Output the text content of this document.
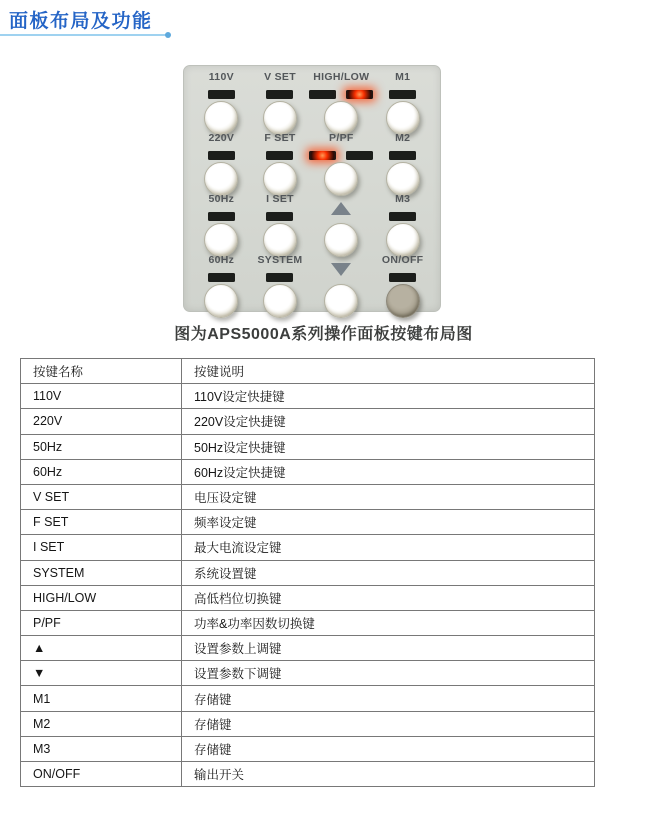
面板布局及功能
110V	V SET HIGH/LOW M1
220V	F SET	P/PF	M2
50Hz	I SET	M3
60Hz SYSTEM	ON/OFF
图为APS5000A系列操作面板按键布局图
按键名称	按键说明
110V	110V设定快捷键
220V	220V设定快捷键
50Hz	50Hz设定快捷键
60Hz	60Hz设定快捷键
V SET	电压设定键
F SET	频率设定键
I SET	最大电流设定键
SYSTEM	系统设置键
HIGH/LOW	高低档位切换键
P/PF	功率&功率因数切换键
▲	设置参数上调键
▼	设置参数下调键
M1	存储键
M2	存储键
M3	存储键
ON/OFF	输出开关
